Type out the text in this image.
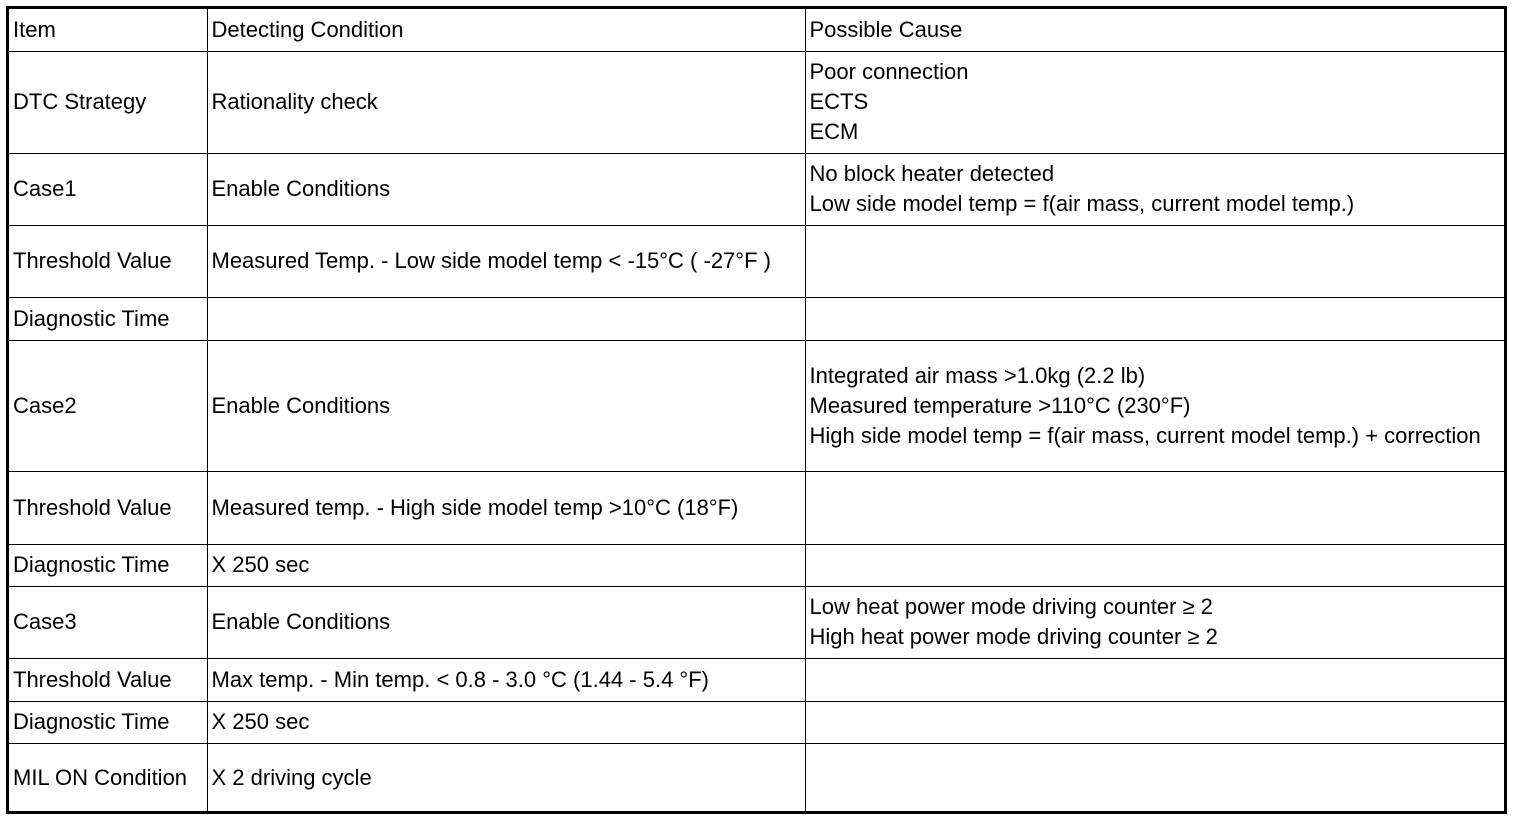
Item	Detecting Condition	Possible Cause
DTC Strategy	Rationality check	Poor connection
ECTS
ECM

Case1	Enable Conditions	No block heater detected
Low side model temp = f(air mass, current model temp.)

Threshold Value	Measured Temp. - Low side model temp < -15°C ( -27°F )	
Diagnostic Time		
Case2	Enable Conditions	Integrated air mass >1.0kg (2.2 lb)
Measured temperature >110°C (230°F)
High side model temp = f(air mass, current model temp.) + correction

Threshold Value	Measured temp. - High side model temp >10°C (18°F)	
Diagnostic Time	X 250 sec	
Case3	Enable Conditions	Low heat power mode driving counter ≥ 2
High heat power mode driving counter ≥ 2

Threshold Value	Max temp. - Min temp. < 0.8 - 3.0 °C (1.44 - 5.4 °F)	
Diagnostic Time	X 250 sec	
MIL ON Condition	X 2 driving cycle	
